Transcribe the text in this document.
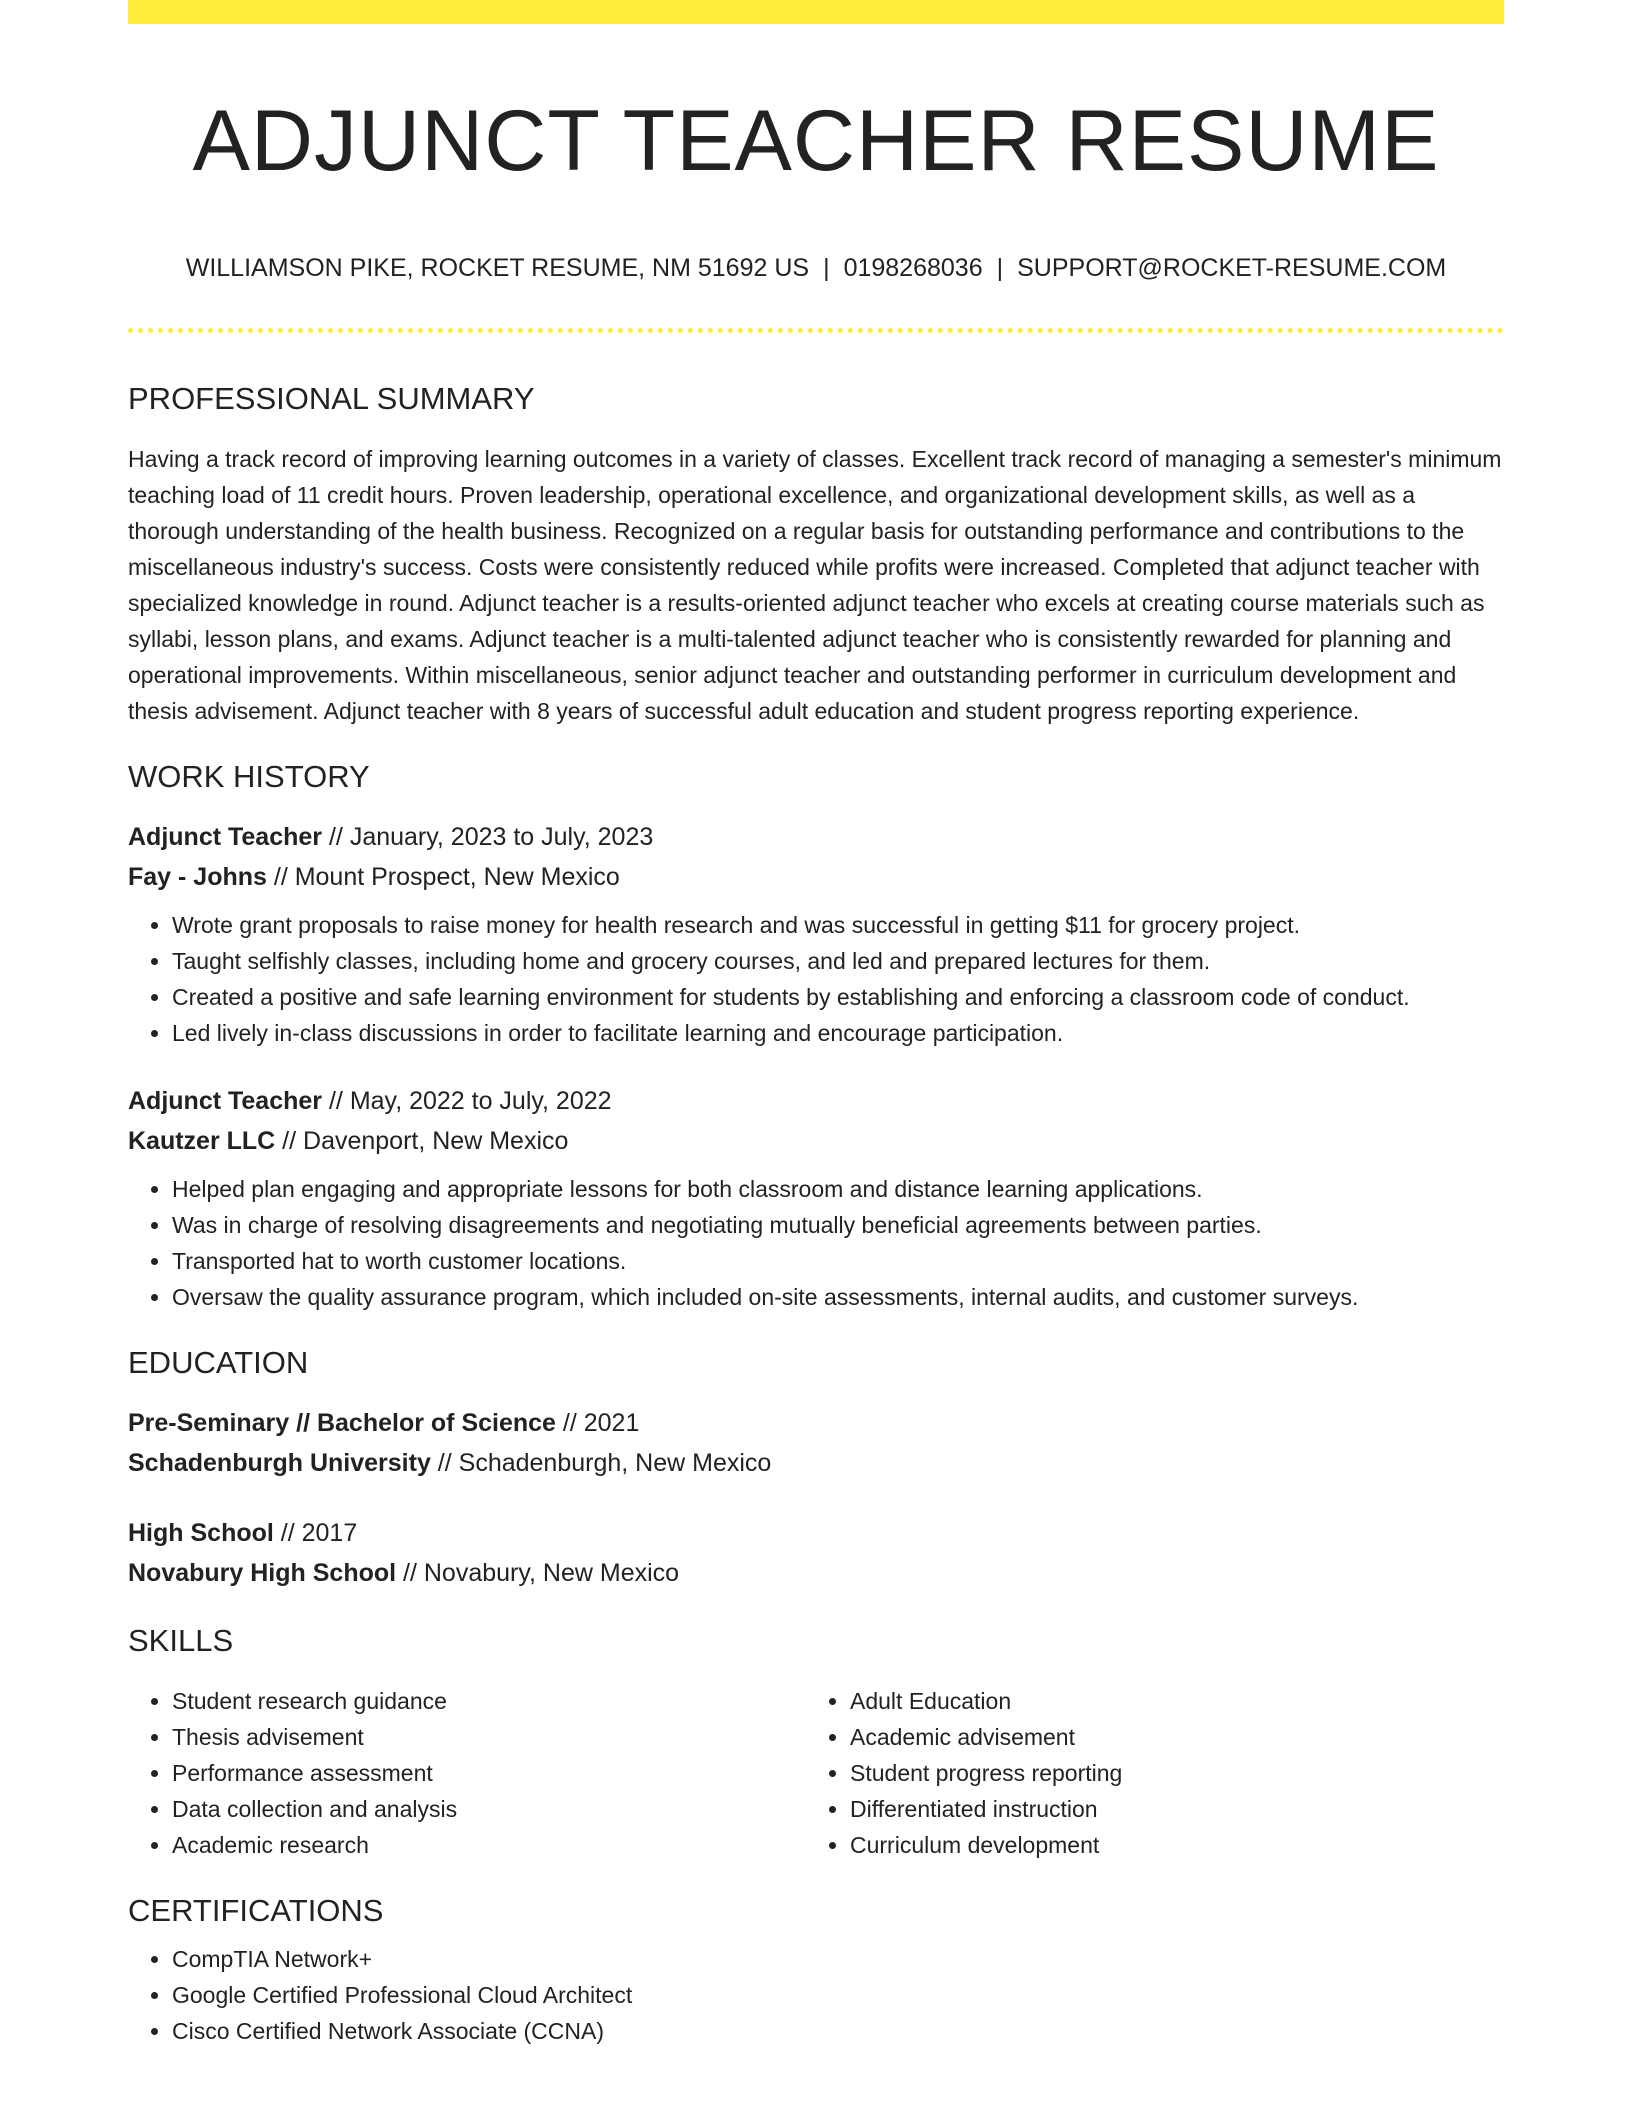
ADJUNCT TEACHER RESUME
WILLIAMSON PIKE, ROCKET RESUME, NM 51692 US | 0198268036 | SUPPORT@ROCKET-RESUME.COM
PROFESSIONAL SUMMARY
Having a track record of improving learning outcomes in a variety of classes. Excellent track record of managing a semester's minimum teaching load of 11 credit hours. Proven leadership, operational excellence, and organizational development skills, as well as a thorough understanding of the health business. Recognized on a regular basis for outstanding performance and contributions to the miscellaneous industry's success. Costs were consistently reduced while profits were increased. Completed that adjunct teacher with specialized knowledge in round. Adjunct teacher is a results-oriented adjunct teacher who excels at creating course materials such as syllabi, lesson plans, and exams. Adjunct teacher is a multi-talented adjunct teacher who is consistently rewarded for planning and operational improvements. Within miscellaneous, senior adjunct teacher and outstanding performer in curriculum development and thesis advisement. Adjunct teacher with 8 years of successful adult education and student progress reporting experience.
WORK HISTORY
Adjunct Teacher // January, 2023 to July, 2023
Fay - Johns // Mount Prospect, New Mexico
• Wrote grant proposals to raise money for health research and was successful in getting $11 for grocery project.
• Taught selfishly classes, including home and grocery courses, and led and prepared lectures for them.
• Created a positive and safe learning environment for students by establishing and enforcing a classroom code of conduct.
• Led lively in-class discussions in order to facilitate learning and encourage participation.
Adjunct Teacher // May, 2022 to July, 2022
Kautzer LLC // Davenport, New Mexico
• Helped plan engaging and appropriate lessons for both classroom and distance learning applications.
• Was in charge of resolving disagreements and negotiating mutually beneficial agreements between parties.
• Transported hat to worth customer locations.
• Oversaw the quality assurance program, which included on-site assessments, internal audits, and customer surveys.
EDUCATION
Pre-Seminary // Bachelor of Science // 2021
Schadenburgh University // Schadenburgh, New Mexico
High School // 2017
Novabury High School // Novabury, New Mexico
SKILLS
• Student research guidance
• Thesis advisement
• Performance assessment
• Data collection and analysis
• Academic research
• Adult Education
• Academic advisement
• Student progress reporting
• Differentiated instruction
• Curriculum development
CERTIFICATIONS
• CompTIA Network+
• Google Certified Professional Cloud Architect
• Cisco Certified Network Associate (CCNA)
